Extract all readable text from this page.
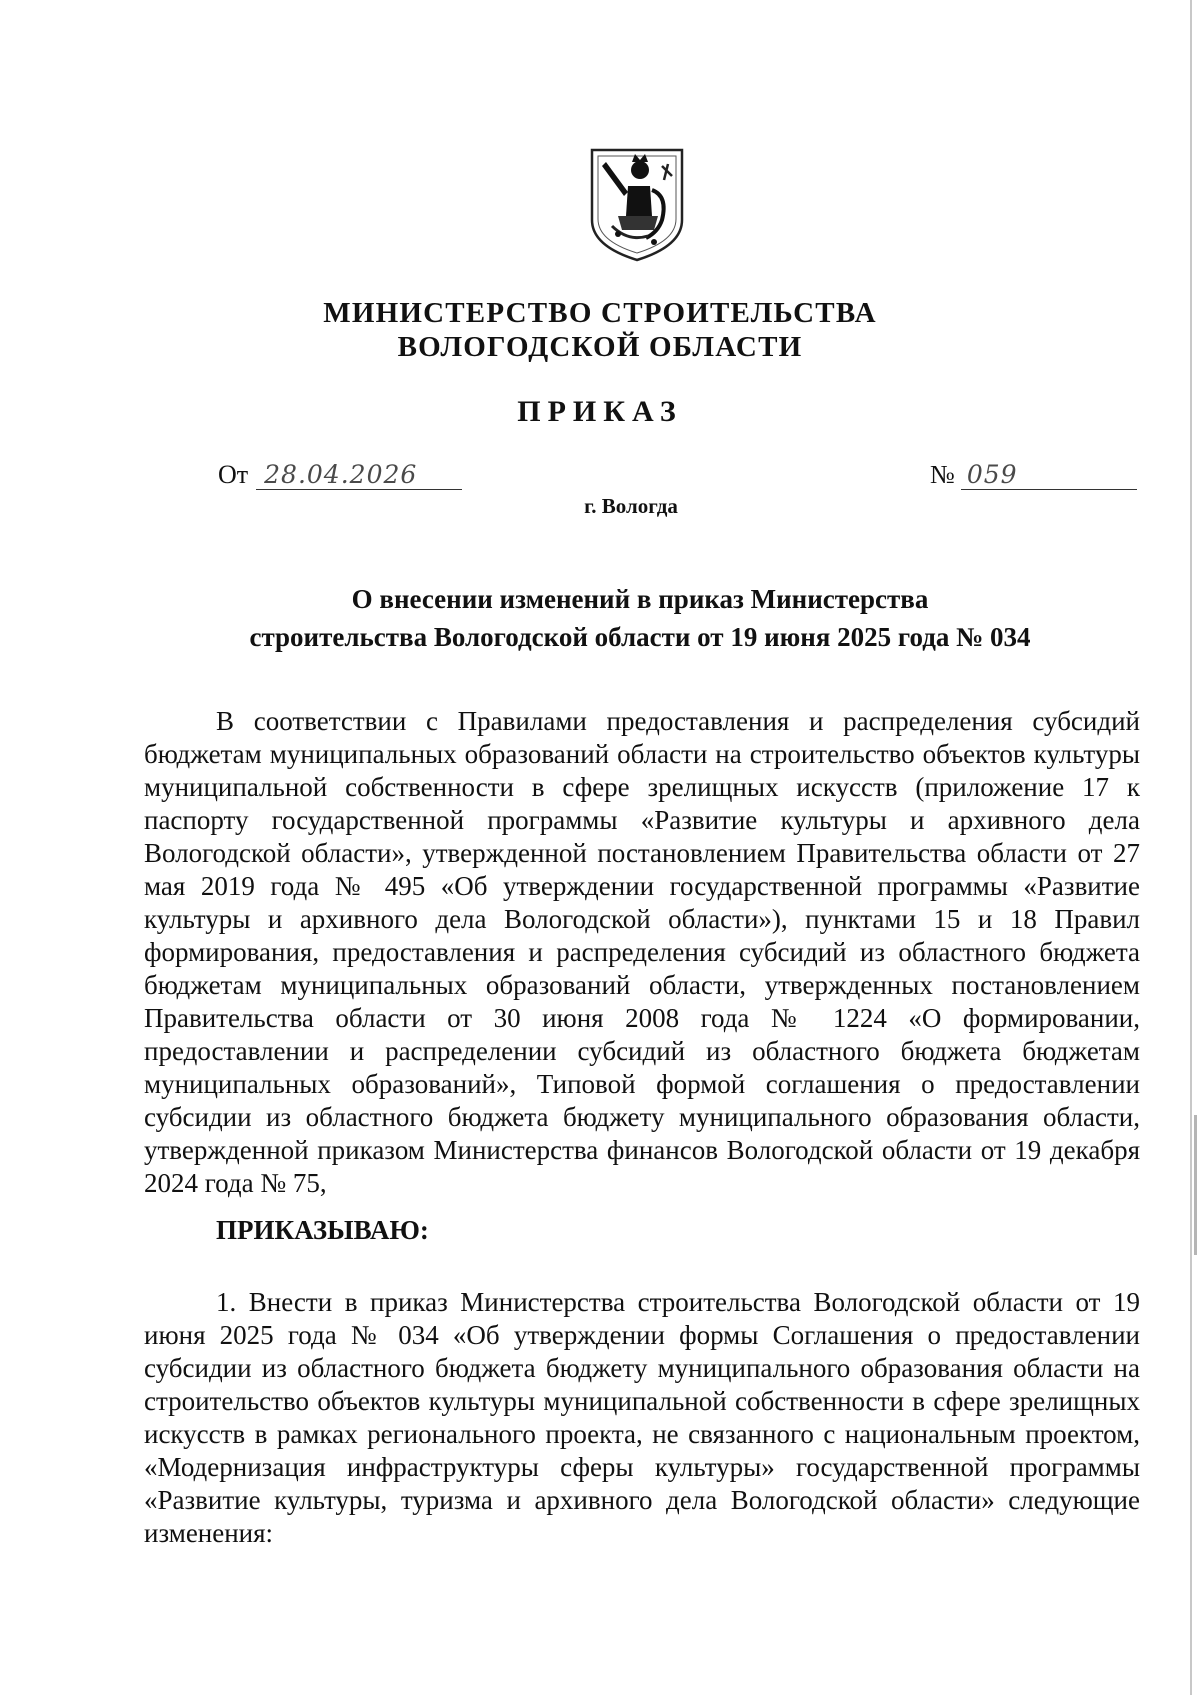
МИНИСТЕРСТВО СТРОИТЕЛЬСТВА
ВОЛОГОДСКОЙ ОБЛАСТИ
ПРИКАЗ
От 28.04.2026	№ 059
г. Вологда
О внесении изменений в приказ Министерства
строительства Вологодской области от 19 июня 2025 года № 034

В соответствии с Правилами предоставления и распределения субсидий бюджетам муниципальных образований области на строительство объектов культуры муниципальной собственности в сфере зрелищных искусств (приложение 17 к паспорту государственной программы «Развитие культуры и архивного дела Вологодской области», утвержденной постановлением Правительства области от 27 мая 2019 года № 495 «Об утверждении государственной программы «Развитие культуры и архивного дела Вологодской области»), пунктами 15 и 18 Правил формирования, предоставления и распределения субсидий из областного бюджета бюджетам муниципальных образований области, утвержденных постановлением Правительства области от 30 июня 2008 года № 1224 «О формировании, предоставлении и распределении субсидий из областного бюджета бюджетам муниципальных образований», Типовой формой соглашения о предоставлении субсидии из областного бюджета бюджету муниципального образования области, утвержденной приказом Министерства финансов Вологодской области от 19 декабря 2024 года № 75,

ПРИКАЗЫВАЮ:

1. Внести в приказ Министерства строительства Вологодской области от 19 июня 2025 года № 034 «Об утверждении формы Соглашения о предоставлении субсидии из областного бюджета бюджету муниципального образования области на строительство объектов культуры муниципальной собственности в сфере зрелищных искусств в рамках регионального проекта, не связанного с национальным проектом, «Модернизация инфраструктуры сферы культуры» государственной программы «Развитие культуры, туризма и архивного дела Вологодской области» следующие изменения:
